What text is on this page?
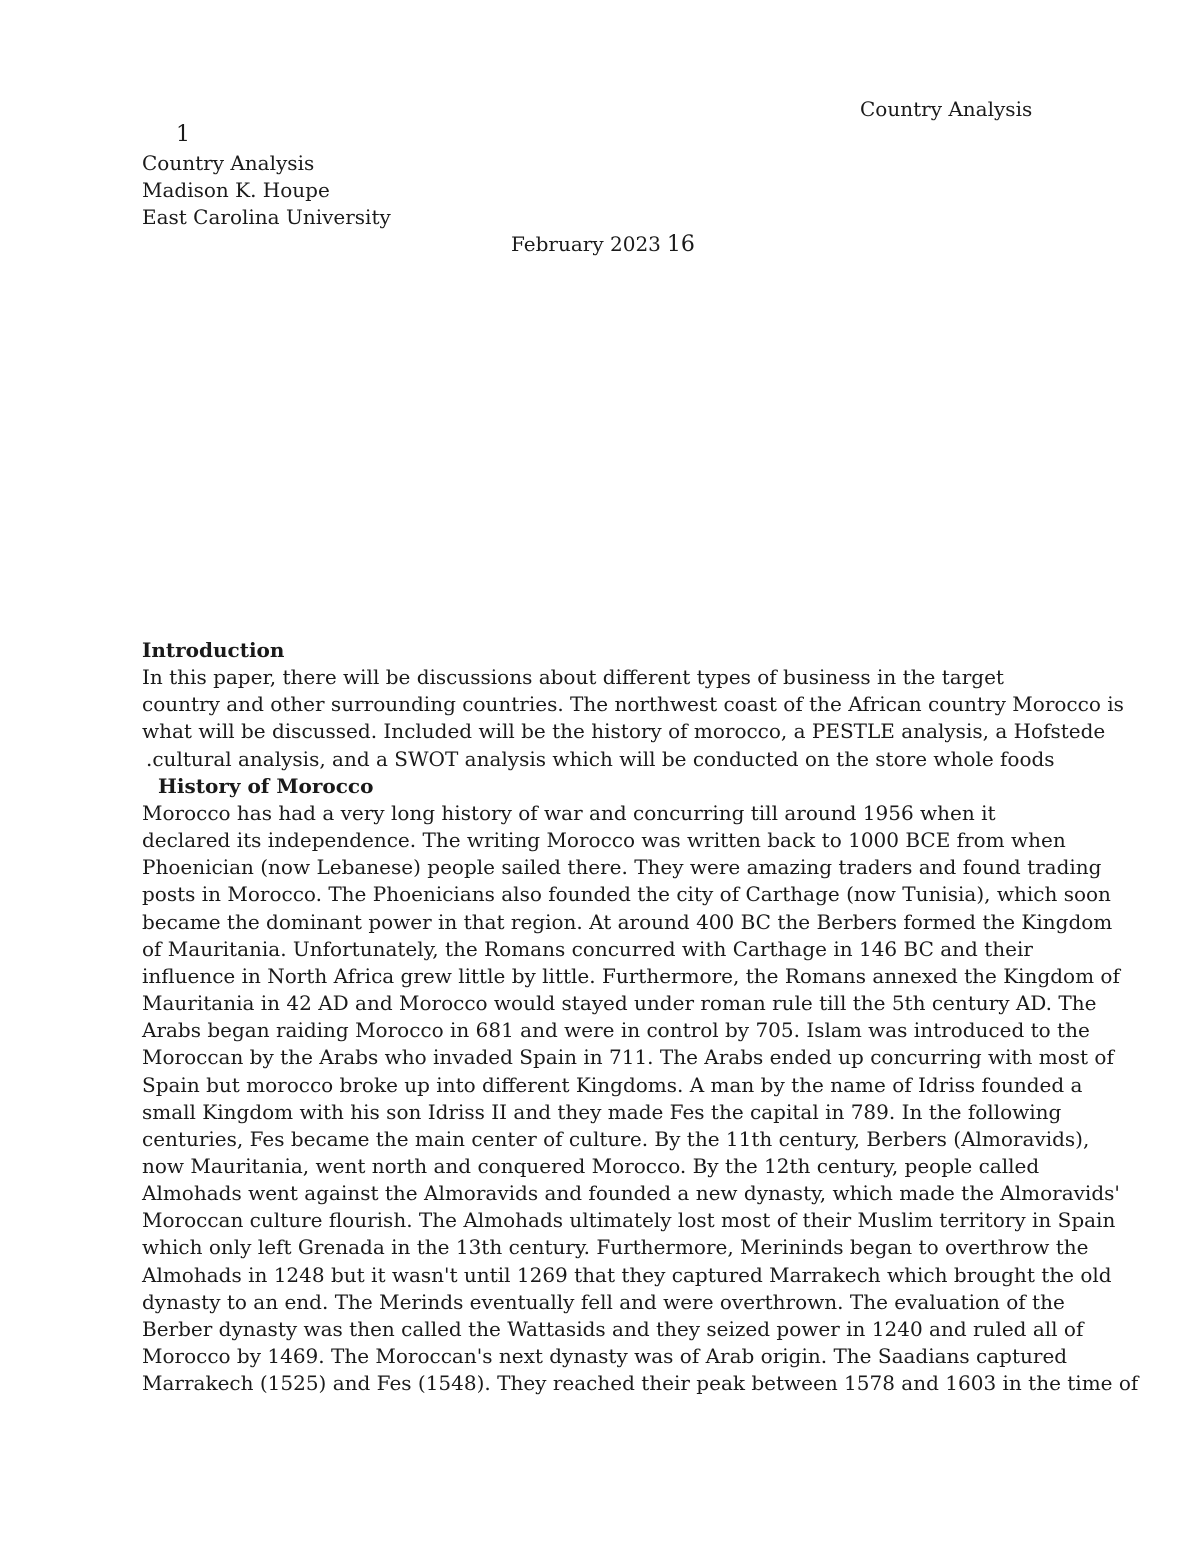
Country Analysis
1
Country Analysis
Madison K. Houpe
East Carolina University
February 2023 16
Introduction
In this paper, there will be discussions about different types of business in the target
country and other surrounding countries. The northwest coast of the African country Morocco is
what will be discussed. Included will be the history of morocco, a PESTLE analysis, a Hofstede
.cultural analysis, and a SWOT analysis which will be conducted on the store whole foods
History of Morocco
Morocco has had a very long history of war and concurring till around 1956 when it
declared its independence. The writing Morocco was written back to 1000 BCE from when
Phoenician (now Lebanese) people sailed there. They were amazing traders and found trading
posts in Morocco. The Phoenicians also founded the city of Carthage (now Tunisia), which soon
became the dominant power in that region. At around 400 BC the Berbers formed the Kingdom
of Mauritania. Unfortunately, the Romans concurred with Carthage in 146 BC and their
influence in North Africa grew little by little. Furthermore, the Romans annexed the Kingdom of
Mauritania in 42 AD and Morocco would stayed under roman rule till the 5th century AD. The
Arabs began raiding Morocco in 681 and were in control by 705. Islam was introduced to the
Moroccan by the Arabs who invaded Spain in 711. The Arabs ended up concurring with most of
Spain but morocco broke up into different Kingdoms. A man by the name of Idriss founded a
small Kingdom with his son Idriss II and they made Fes the capital in 789. In the following
centuries, Fes became the main center of culture. By the 11th century, Berbers (Almoravids),
now Mauritania, went north and conquered Morocco. By the 12th century, people called
Almohads went against the Almoravids and founded a new dynasty, which made the Almoravids'
Moroccan culture flourish. The Almohads ultimately lost most of their Muslim territory in Spain
which only left Grenada in the 13th century. Furthermore, Merininds began to overthrow the
Almohads in 1248 but it wasn't until 1269 that they captured Marrakech which brought the old
dynasty to an end. The Merinds eventually fell and were overthrown. The evaluation of the
Berber dynasty was then called the Wattasids and they seized power in 1240 and ruled all of
Morocco by 1469. The Moroccan's next dynasty was of Arab origin. The Saadians captured
Marrakech (1525) and Fes (1548). They reached their peak between 1578 and 1603 in the time of
